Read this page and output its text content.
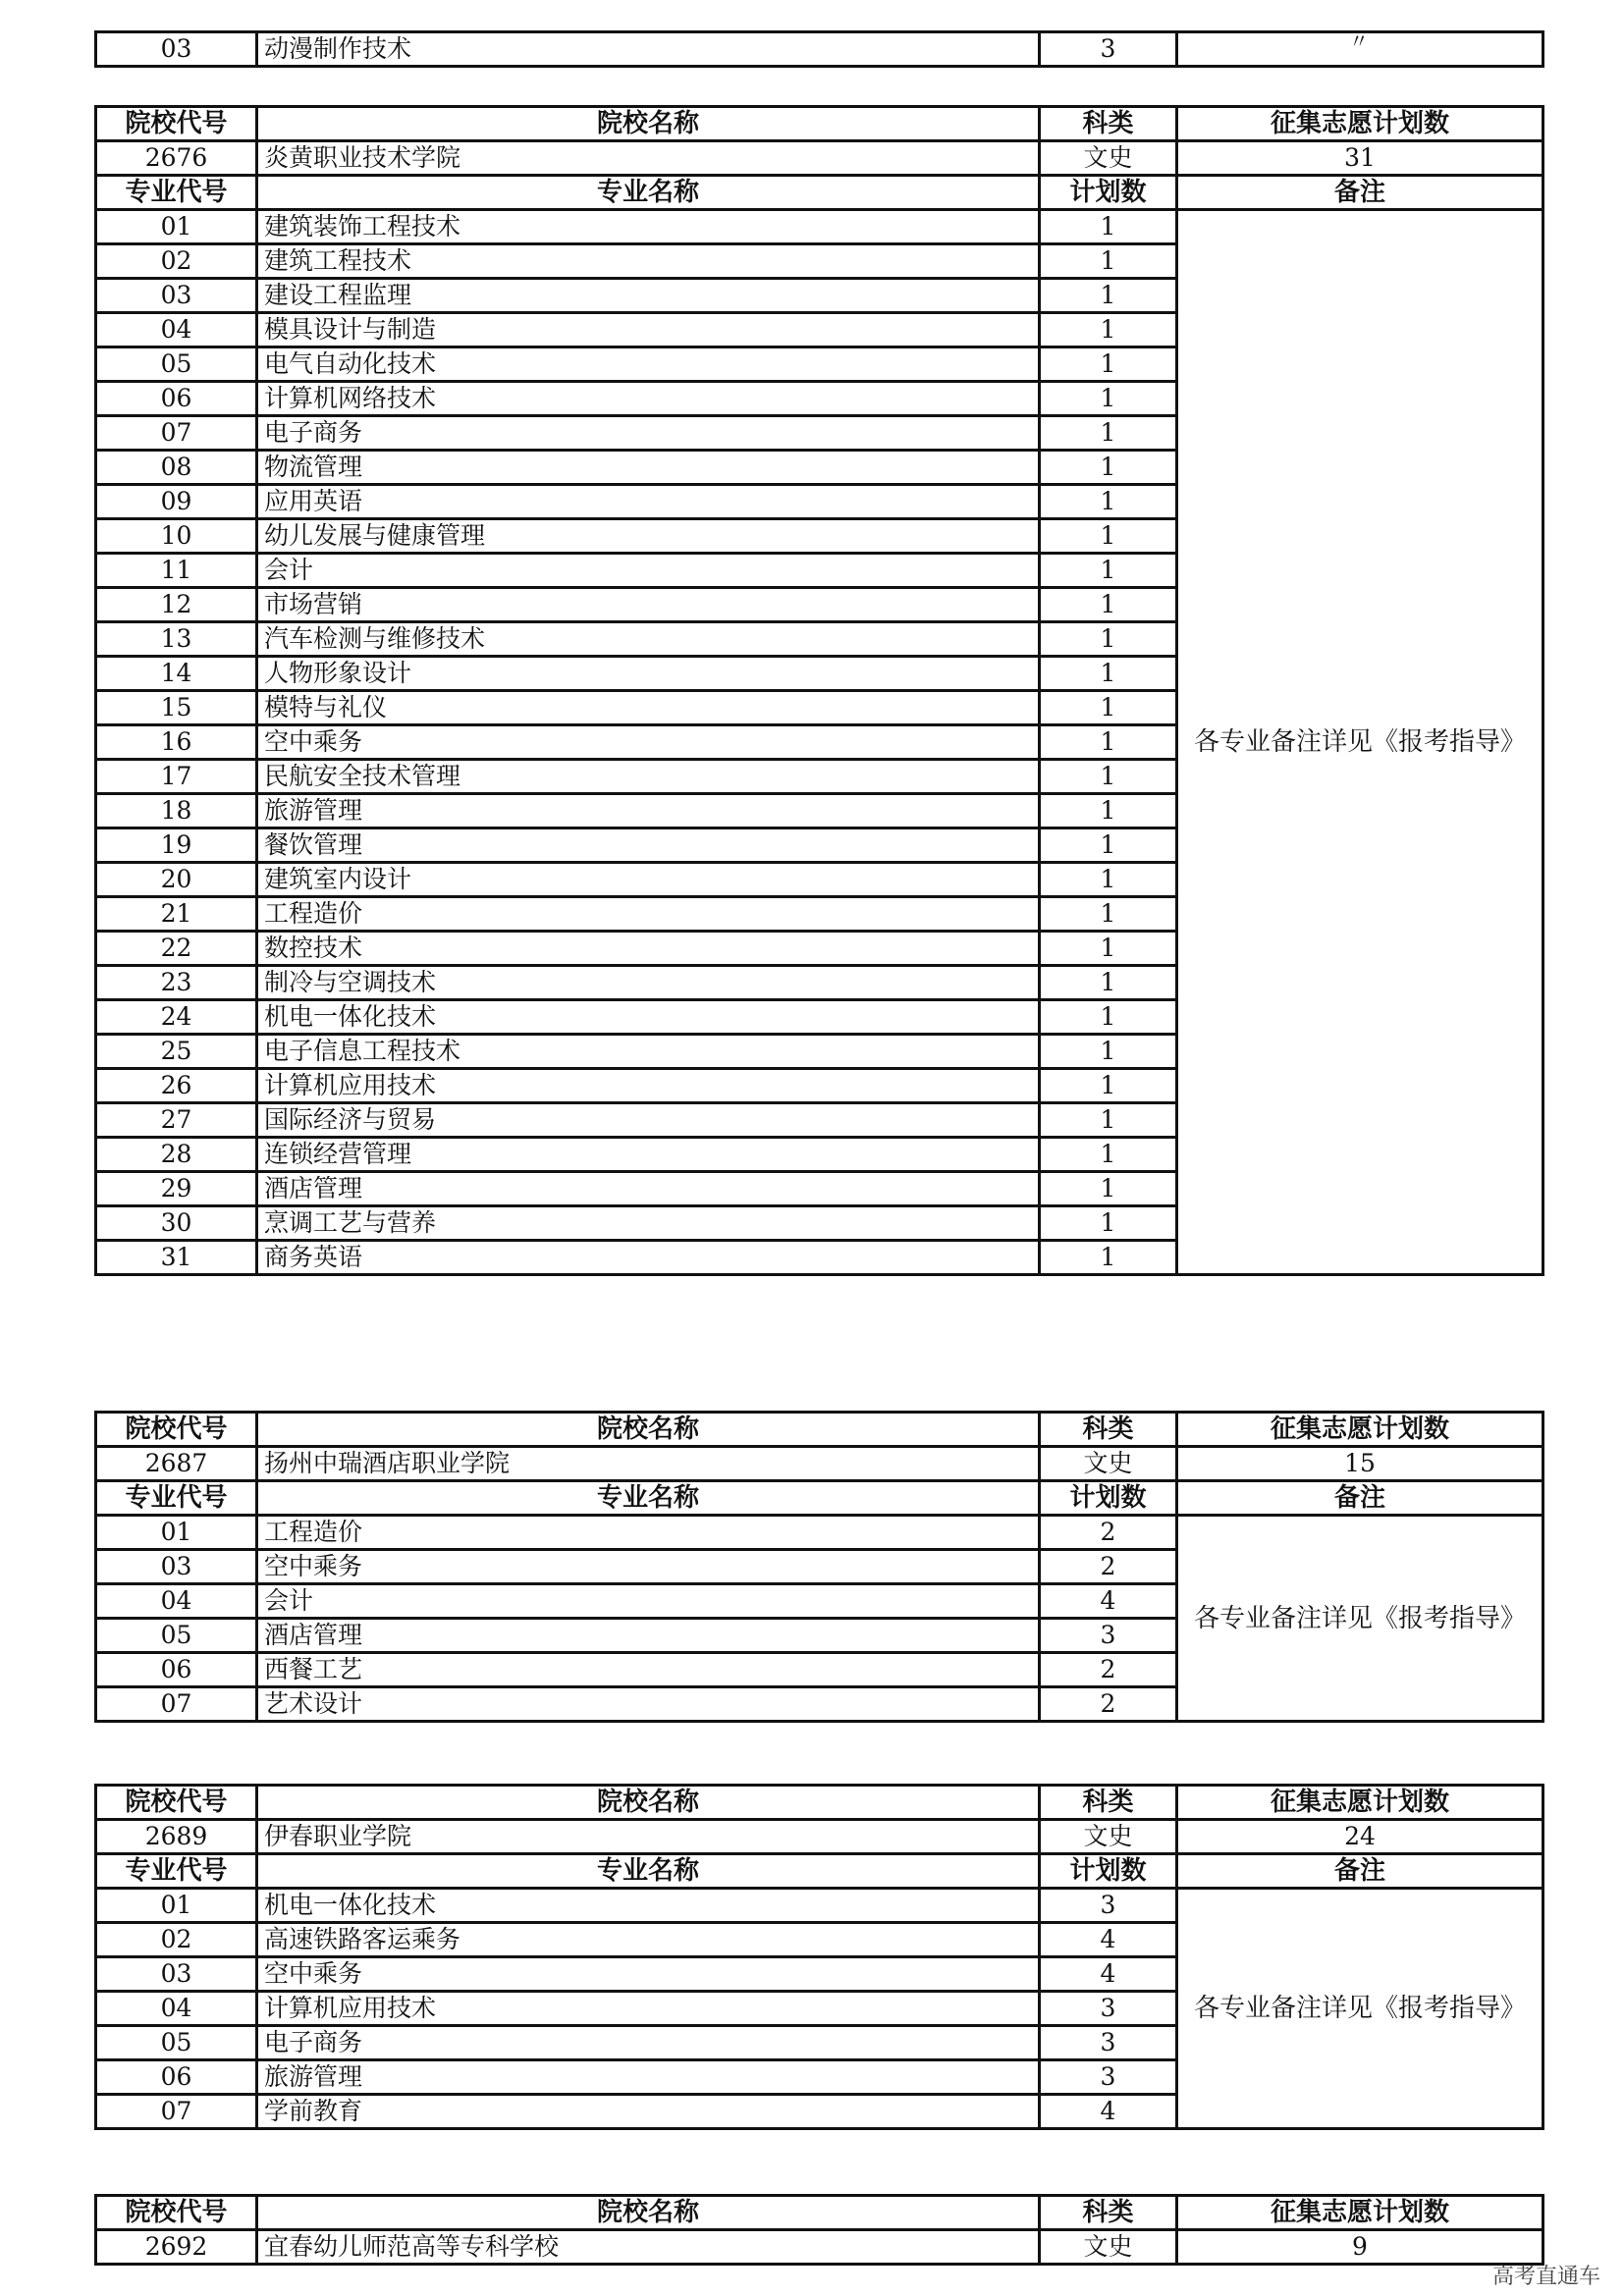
03	动漫制作技术	3		〃
院校代号	院校名称	科类	征集志愿计划数
2676	炎黄职业技术学院	文史	31
专业代号	专业名称	计划数	备注
01	建筑装饰工程技术	1	各专业备注详见《报考指导》
02	建筑工程技术	1	
03	建设工程监理	1	
04	模具设计与制造	1	
05	电气自动化技术	1	
06	计算机网络技术	1	
07	电子商务	1	
08	物流管理	1	
09	应用英语	1	
10	幼儿发展与健康管理	1	
11	会计	1	
12	市场营销	1	
13	汽车检测与维修技术	1	
14	人物形象设计	1	
15	模特与礼仪	1	
16	空中乘务	1	
17	民航安全技术管理	1	
18	旅游管理	1	
19	餐饮管理	1	
20	建筑室内设计	1	
21	工程造价	1	
22	数控技术	1	
23	制冷与空调技术	1	
24	机电一体化技术	1	
25	电子信息工程技术	1	
26	计算机应用技术	1	
27	国际经济与贸易	1	
28	连锁经营管理	1	
29	酒店管理	1	
30	烹调工艺与营养	1	
31	商务英语	1	
院校代号	院校名称	科类	征集志愿计划数
2687	扬州中瑞酒店职业学院	文史	15
专业代号	专业名称	计划数	备注
01	工程造价	2	各专业备注详见《报考指导》
03	空中乘务	2	
04	会计	4	
05	酒店管理	3	
06	西餐工艺	2	
07	艺术设计	2	
院校代号	院校名称	科类	征集志愿计划数
2689	伊春职业学院	文史	24
专业代号	专业名称	计划数	备注
01	机电一体化技术	3	各专业备注详见《报考指导》
02	高速铁路客运乘务	4	
03	空中乘务	4	
04	计算机应用技术	3	
05	电子商务	3	
06	旅游管理	3	
07	学前教育	4	
院校代号	院校名称	科类	征集志愿计划数
2692	宜春幼儿师范高等专科学校	文史	9
高考直通车
